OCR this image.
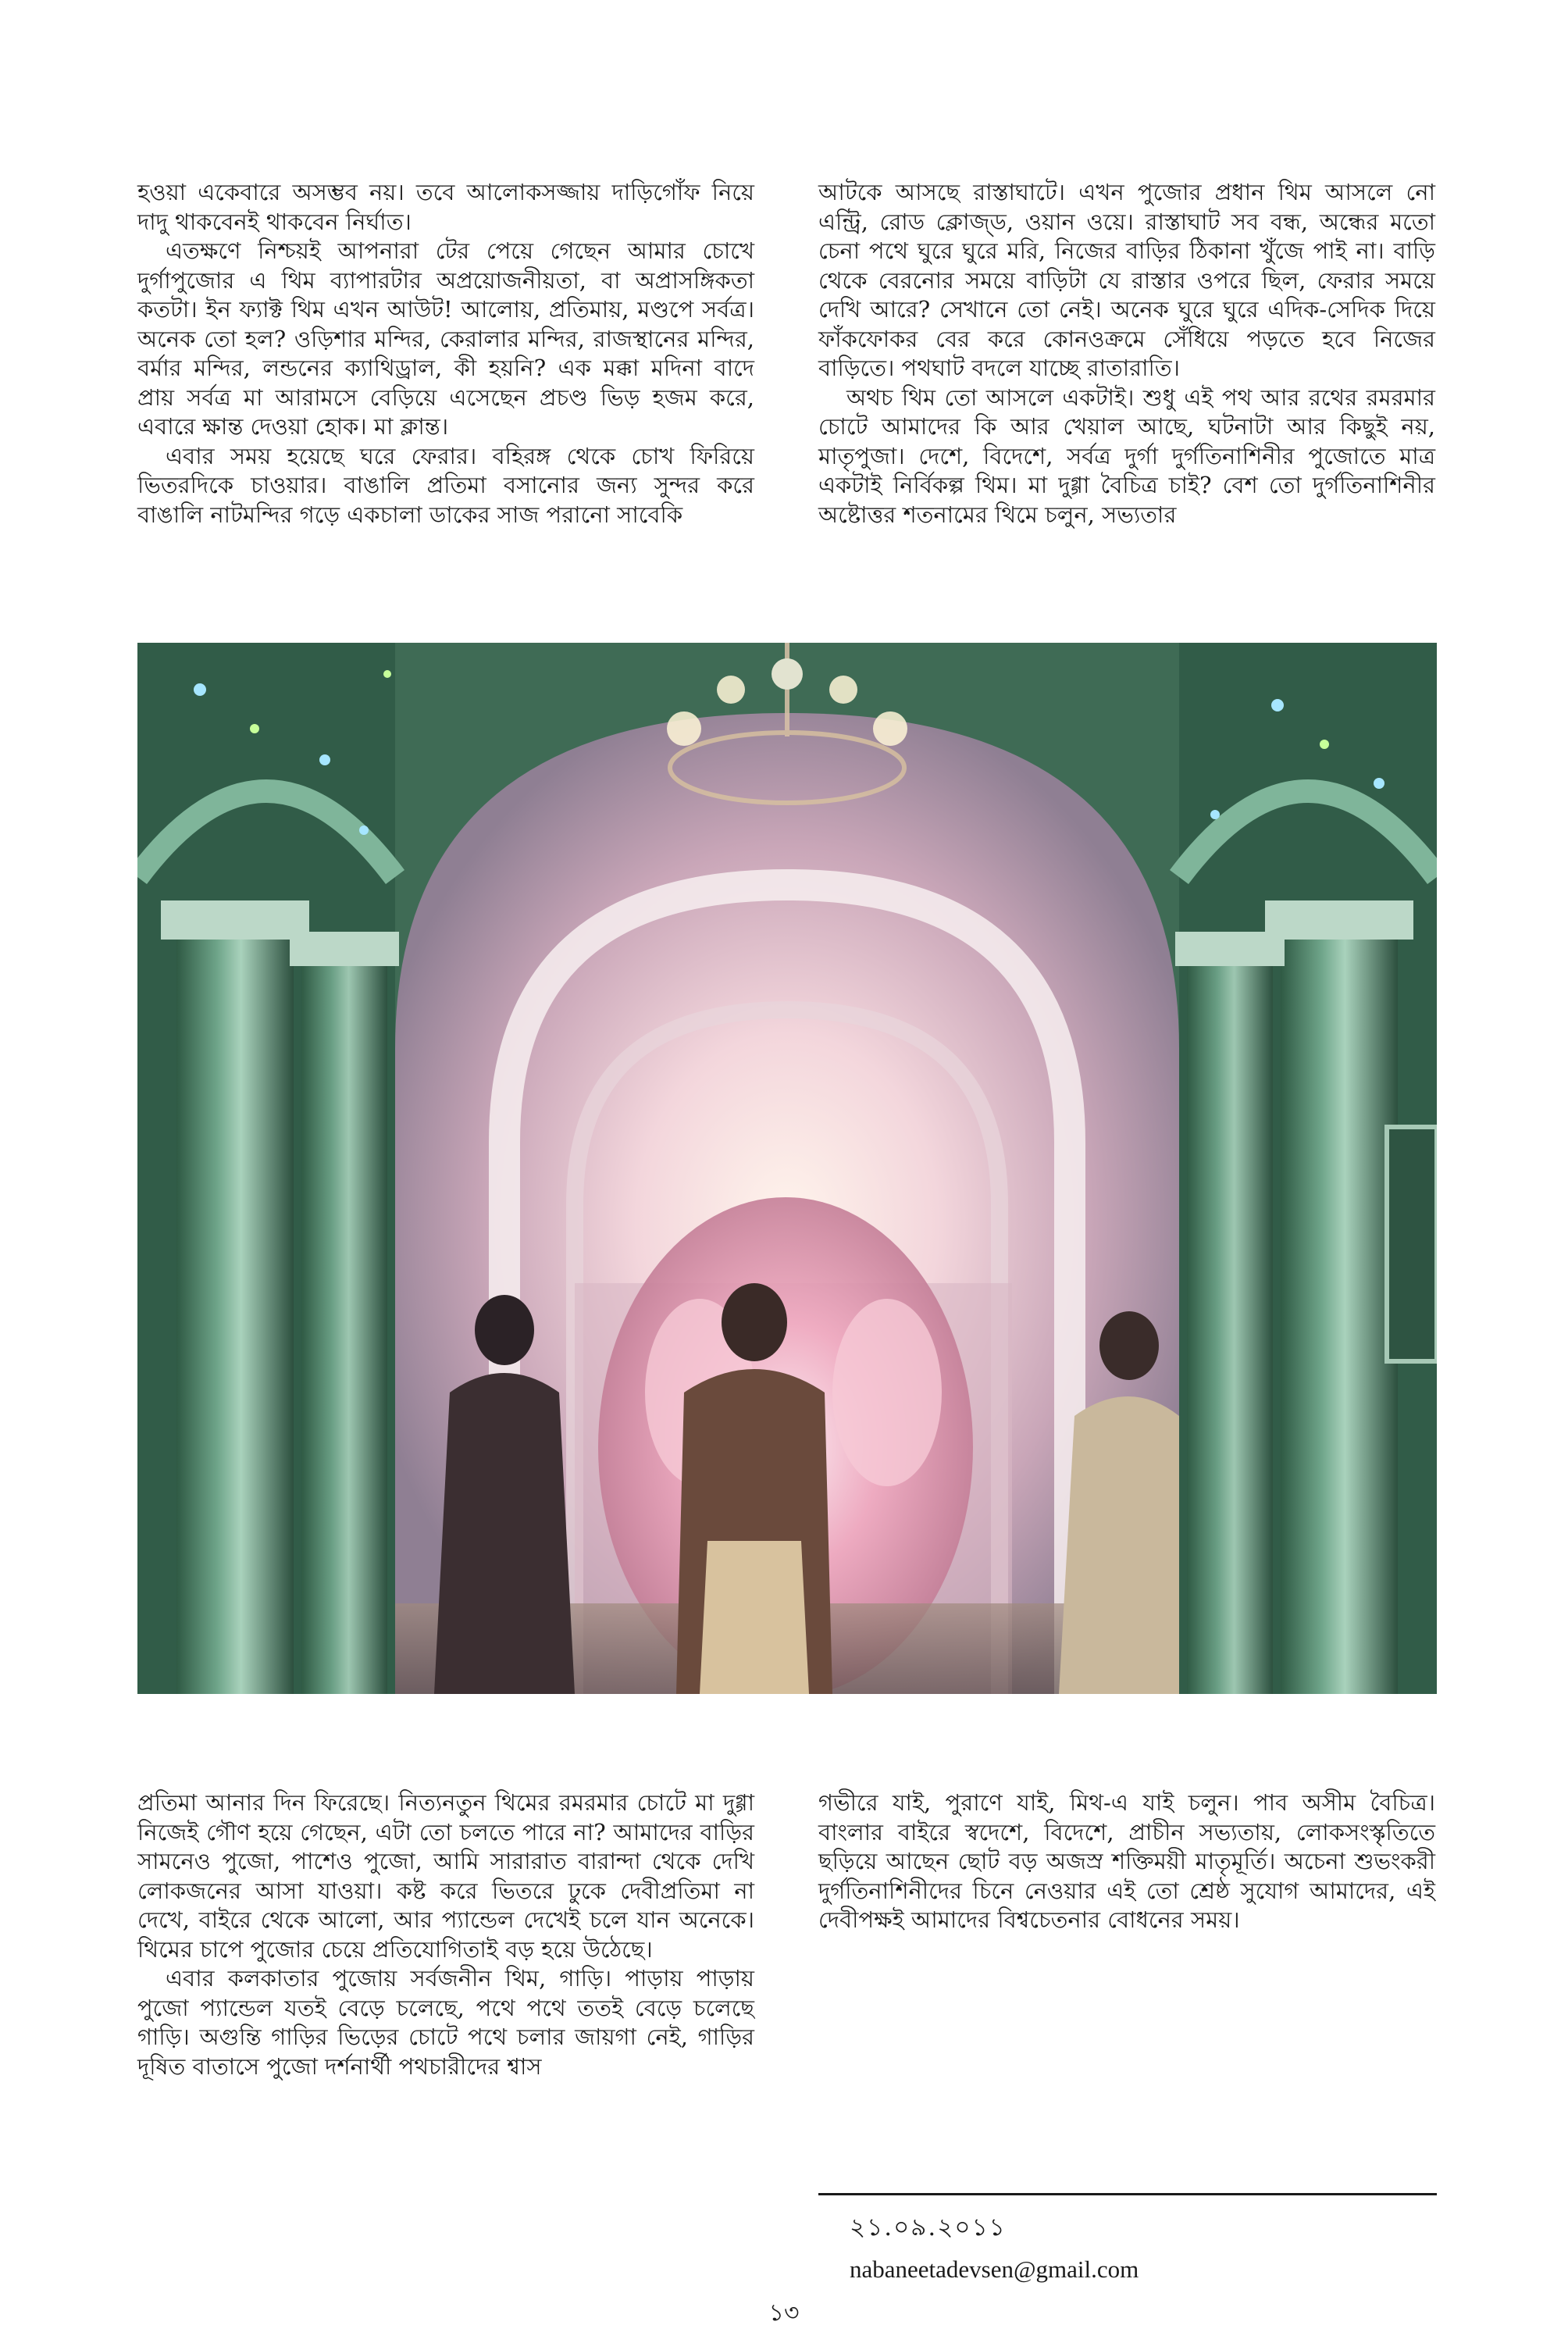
হওয়া একেবারে অসম্ভব নয়। তবে আলোকসজ্জায় দাড়িগোঁফ নিয়ে দাদু থাকবেনই থাকবেন নির্ঘাত।

এতক্ষণে নিশ্চয়ই আপনারা টের পেয়ে গেছেন আমার চোখে দুর্গাপুজোর এ থিম ব্যাপারটার অপ্রয়োজনীয়তা, বা অপ্রাসঙ্গিকতা কতটা। ইন ফ্যাক্ট থিম এখন আউট! আলোয়, প্রতিমায়, মণ্ডপে সর্বত্র। অনেক তো হল? ওড়িশার মন্দির, কেরালার মন্দির, রাজস্থানের মন্দির, বর্মার মন্দির, লন্ডনের ক্যাথিড্রাল, কী হয়নি? এক মক্কা মদিনা বাদে প্রায় সর্বত্র মা আরামসে বেড়িয়ে এসেছেন প্রচণ্ড ভিড় হজম করে, এবারে ক্ষান্ত দেওয়া হোক। মা ক্লান্ত।

এবার সময় হয়েছে ঘরে ফেরার। বহিরঙ্গ থেকে চোখ ফিরিয়ে ভিতরদিকে চাওয়ার। বাঙালি প্রতিমা বসানোর জন্য সুন্দর করে বাঙালি নাটমন্দির গড়ে একচালা ডাকের সাজ পরানো সাবেকি

আটকে আসছে রাস্তাঘাটে। এখন পুজোর প্রধান থিম আসলে নো এন্ট্রি, রোড ক্লোজ্‌ড, ওয়ান ওয়ে। রাস্তাঘাট সব বন্ধ, অন্ধের মতো চেনা পথে ঘুরে ঘুরে মরি, নিজের বাড়ির ঠিকানা খুঁজে পাই না। বাড়ি থেকে বেরনোর সময়ে বাড়িটা যে রাস্তার ওপরে ছিল, ফেরার সময়ে দেখি আরে? সেখানে তো নেই। অনেক ঘুরে ঘুরে এদিক-সেদিক দিয়ে ফাঁকফোকর বের করে কোনওক্রমে সেঁধিয়ে পড়তে হবে নিজের বাড়িতে। পথঘাট বদলে যাচ্ছে রাতারাতি।

অথচ থিম তো আসলে একটাই। শুধু এই পথ আর রথের রমরমার চোটে আমাদের কি আর খেয়াল আছে, ঘটনাটা আর কিছুই নয়, মাতৃপুজা। দেশে, বিদেশে, সর্বত্র দুর্গা দুর্গতিনাশিনীর পুজোতে মাত্র একটাই নির্বিকল্প থিম। মা দুগ্গা বৈচিত্র চাই? বেশ তো দুর্গতিনাশিনীর অষ্টোত্তর শতনামের থিমে চলুন, সভ্যতার

প্রতিমা আনার দিন ফিরেছে। নিত্যনতুন থিমের রমরমার চোটে মা দুগ্গা নিজেই গৌণ হয়ে গেছেন, এটা তো চলতে পারে না? আমাদের বাড়ির সামনেও পুজো, পাশেও পুজো, আমি সারারাত বারান্দা থেকে দেখি লোকজনের আসা যাওয়া। কষ্ট করে ভিতরে ঢুকে দেবীপ্রতিমা না দেখে, বাইরে থেকে আলো, আর প্যান্ডেল দেখেই চলে যান অনেকে। থিমের চাপে পুজোর চেয়ে প্রতিযোগিতাই বড় হয়ে উঠেছে।

এবার কলকাতার পুজোয় সর্বজনীন থিম, গাড়ি। পাড়ায় পাড়ায় পুজো প্যান্ডেল যতই বেড়ে চলেছে, পথে পথে ততই বেড়ে চলেছে গাড়ি। অগুন্তি গাড়ির ভিড়ের চোটে পথে চলার জায়গা নেই, গাড়ির দূষিত বাতাসে পুজো দর্শনার্থী পথচারীদের শ্বাস

গভীরে যাই, পুরাণে যাই, মিথ-এ যাই চলুন। পাব অসীম বৈচিত্র। বাংলার বাইরে স্বদেশে, বিদেশে, প্রাচীন সভ্যতায়, লোকসংস্কৃতিতে ছড়িয়ে আছেন ছোট বড় অজস্র শক্তিময়ী মাতৃমূর্তি। অচেনা শুভংকরী দুর্গতিনাশিনীদের চিনে নেওয়ার এই তো শ্রেষ্ঠ সুযোগ আমাদের, এই দেবীপক্ষই আমাদের বিশ্বচেতনার বোধনের সময়।

২১.০৯.২০১১
nabaneetadevsen@gmail.com
১৩
